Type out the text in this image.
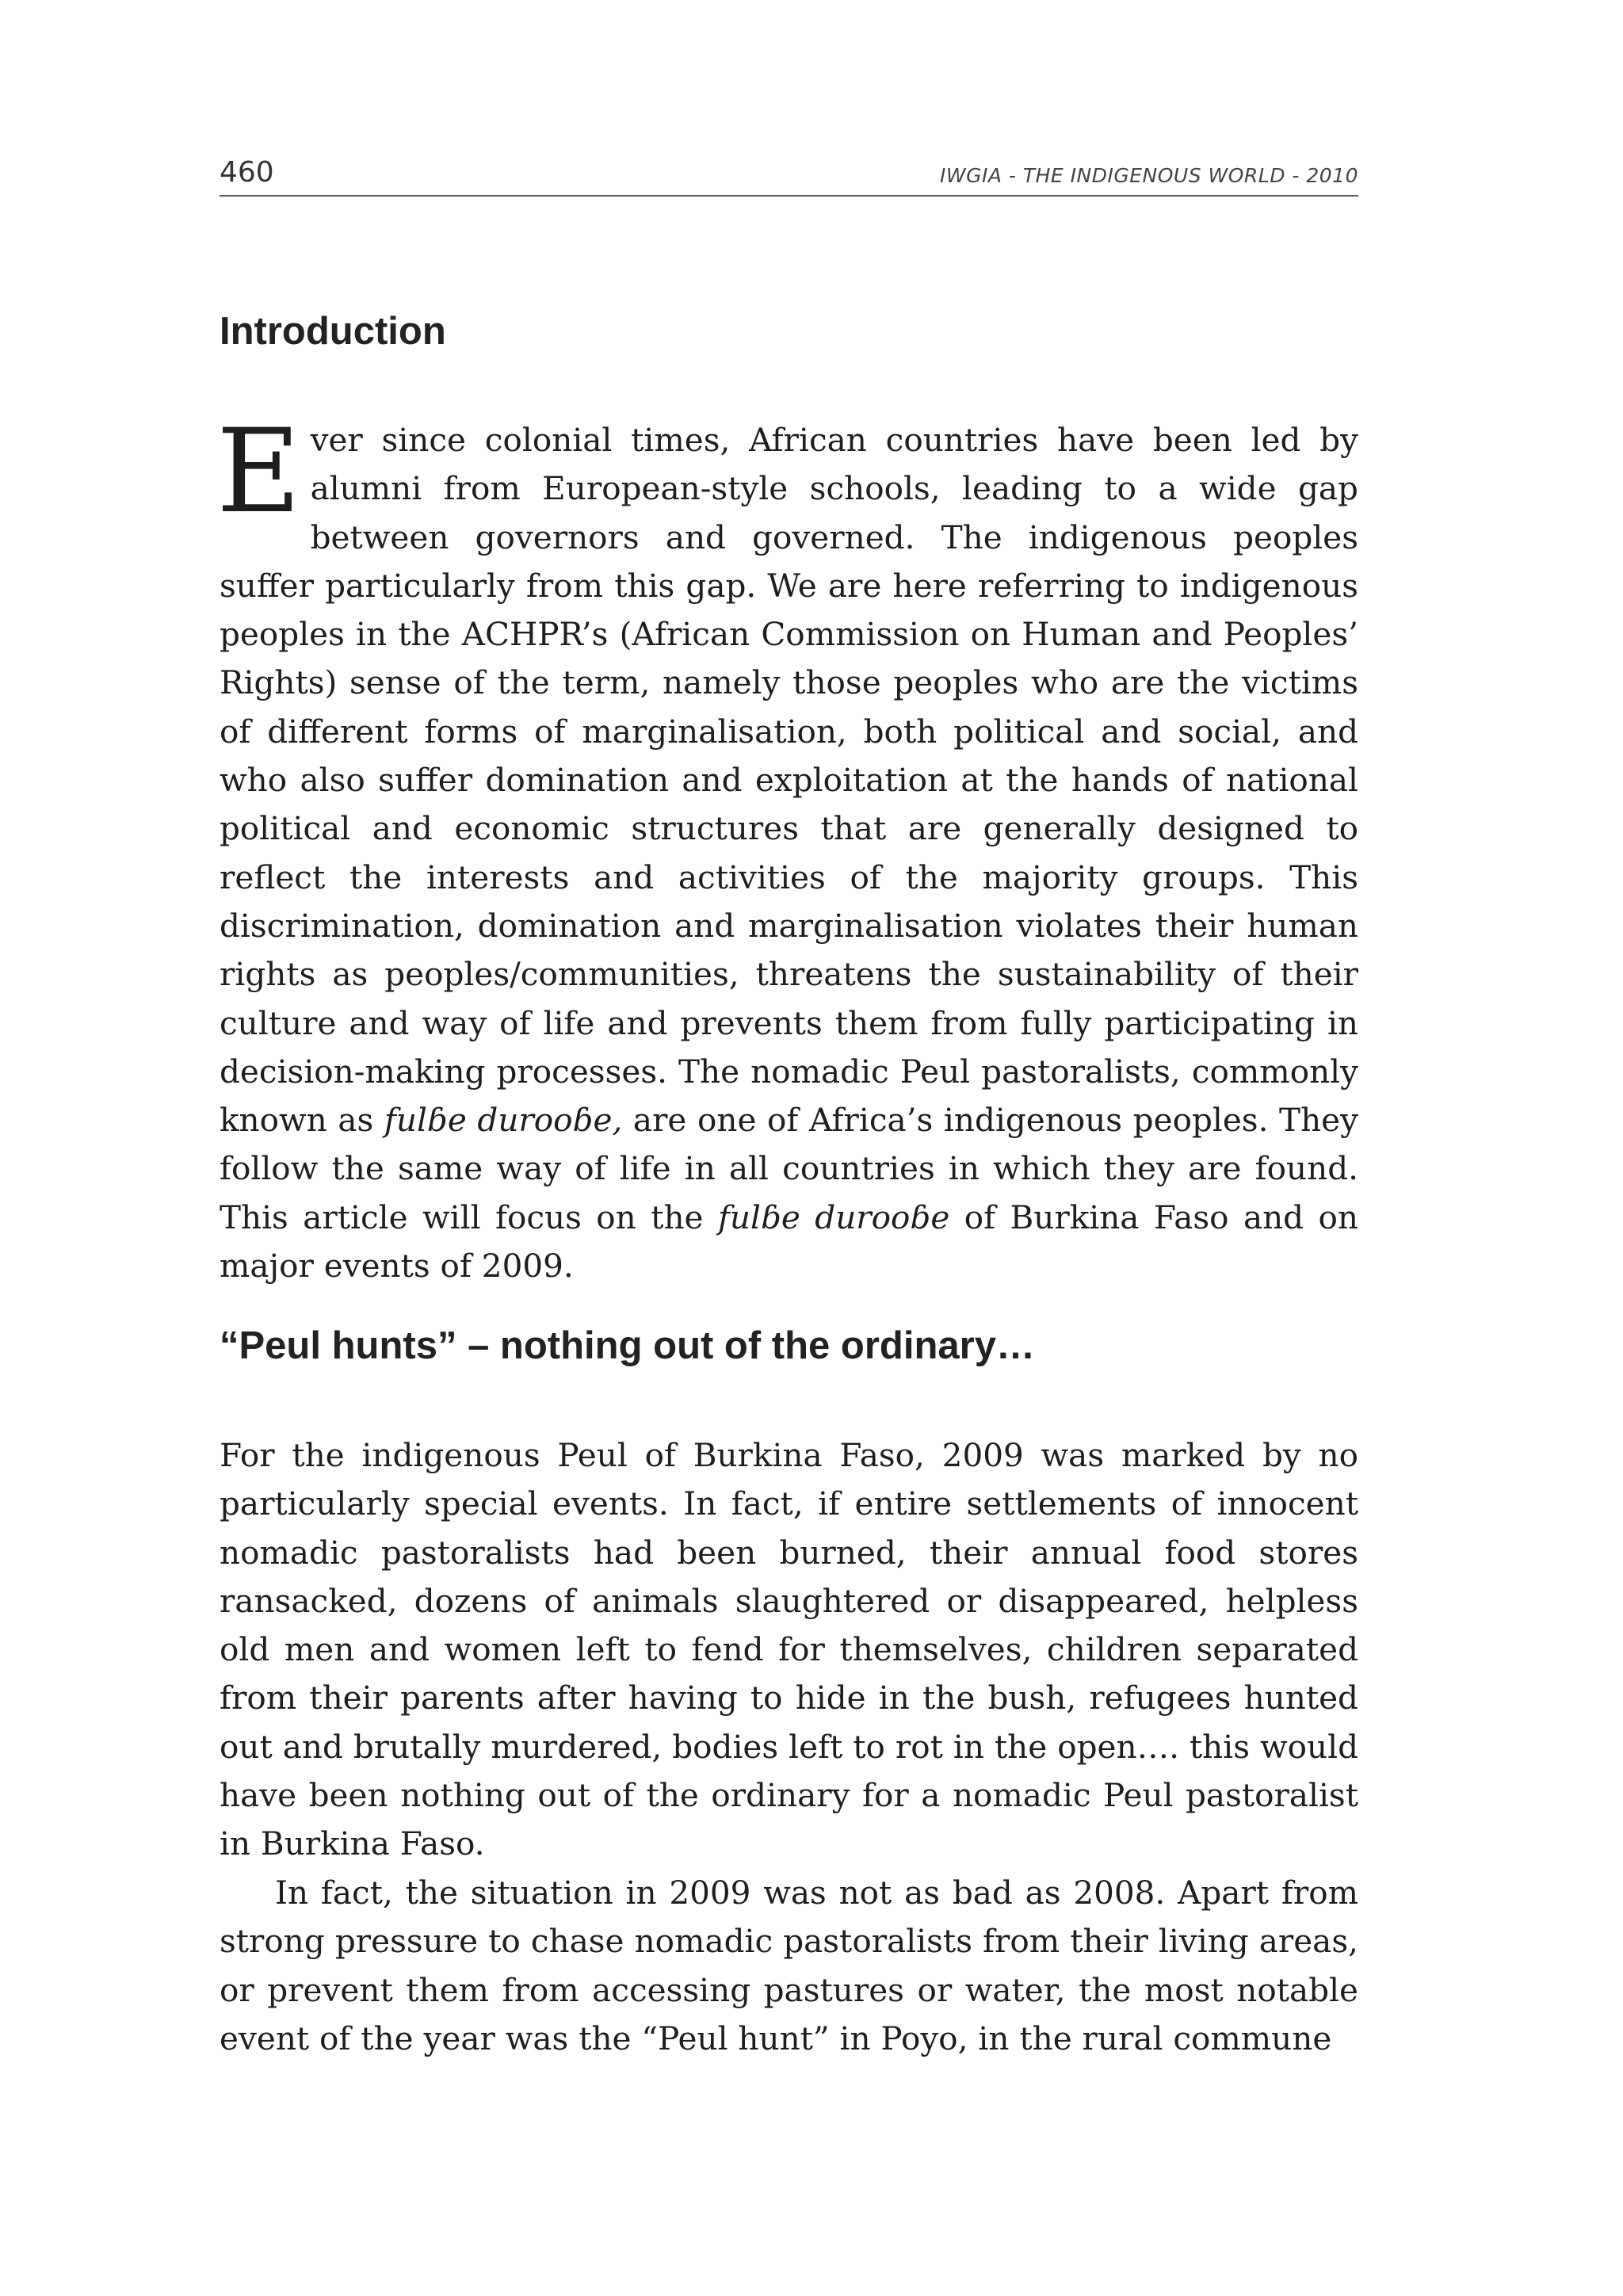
460	IWGIA - THE INDIGENOUS WORLD - 2010
Introduction

Ever since colonial times, African countries have been led by alumni from European-style schools, leading to a wide gap between governors and governed. The indigenous peoples suffer particularly from this gap. We are here referring to indigenous peoples in the ACHPR’s (African Commission on Human and Peoples’ Rights) sense of the term, namely those peoples who are the victims of different forms of marginalisation, both political and social, and who also suffer domination and exploitation at the hands of national political and economic structures that are generally designed to reflect the interests and activities of the majority groups. This discrimination, domination and marginalisation violates their human rights as peoples/communities, threatens the sustainability of their culture and way of life and prevents them from fully participating in decision-making processes. The nomadic Peul pastoralists, commonly known as fulɓe durooɓe, are one of Africa’s indigenous peoples. They follow the same way of life in all countries in which they are found. This article will focus on the fulɓe durooɓe of Burkina Faso and on major events of 2009.

“Peul hunts” – nothing out of the ordinary…

For the indigenous Peul of Burkina Faso, 2009 was marked by no particularly special events. In fact, if entire settlements of innocent nomadic pastoralists had been burned, their annual food stores ransacked, dozens of animals slaughtered or disappeared, helpless old men and women left to fend for themselves, children separated from their parents after having to hide in the bush, refugees hunted out and brutally murdered, bodies left to rot in the open…. this would have been nothing out of the ordinary for a nomadic Peul pastoralist in Burkina Faso.

In fact, the situation in 2009 was not as bad as 2008. Apart from strong pressure to chase nomadic pastoralists from their living areas, or prevent them from accessing pastures or water, the most notable event of the year was the “Peul hunt” in Poyo, in the rural commune
